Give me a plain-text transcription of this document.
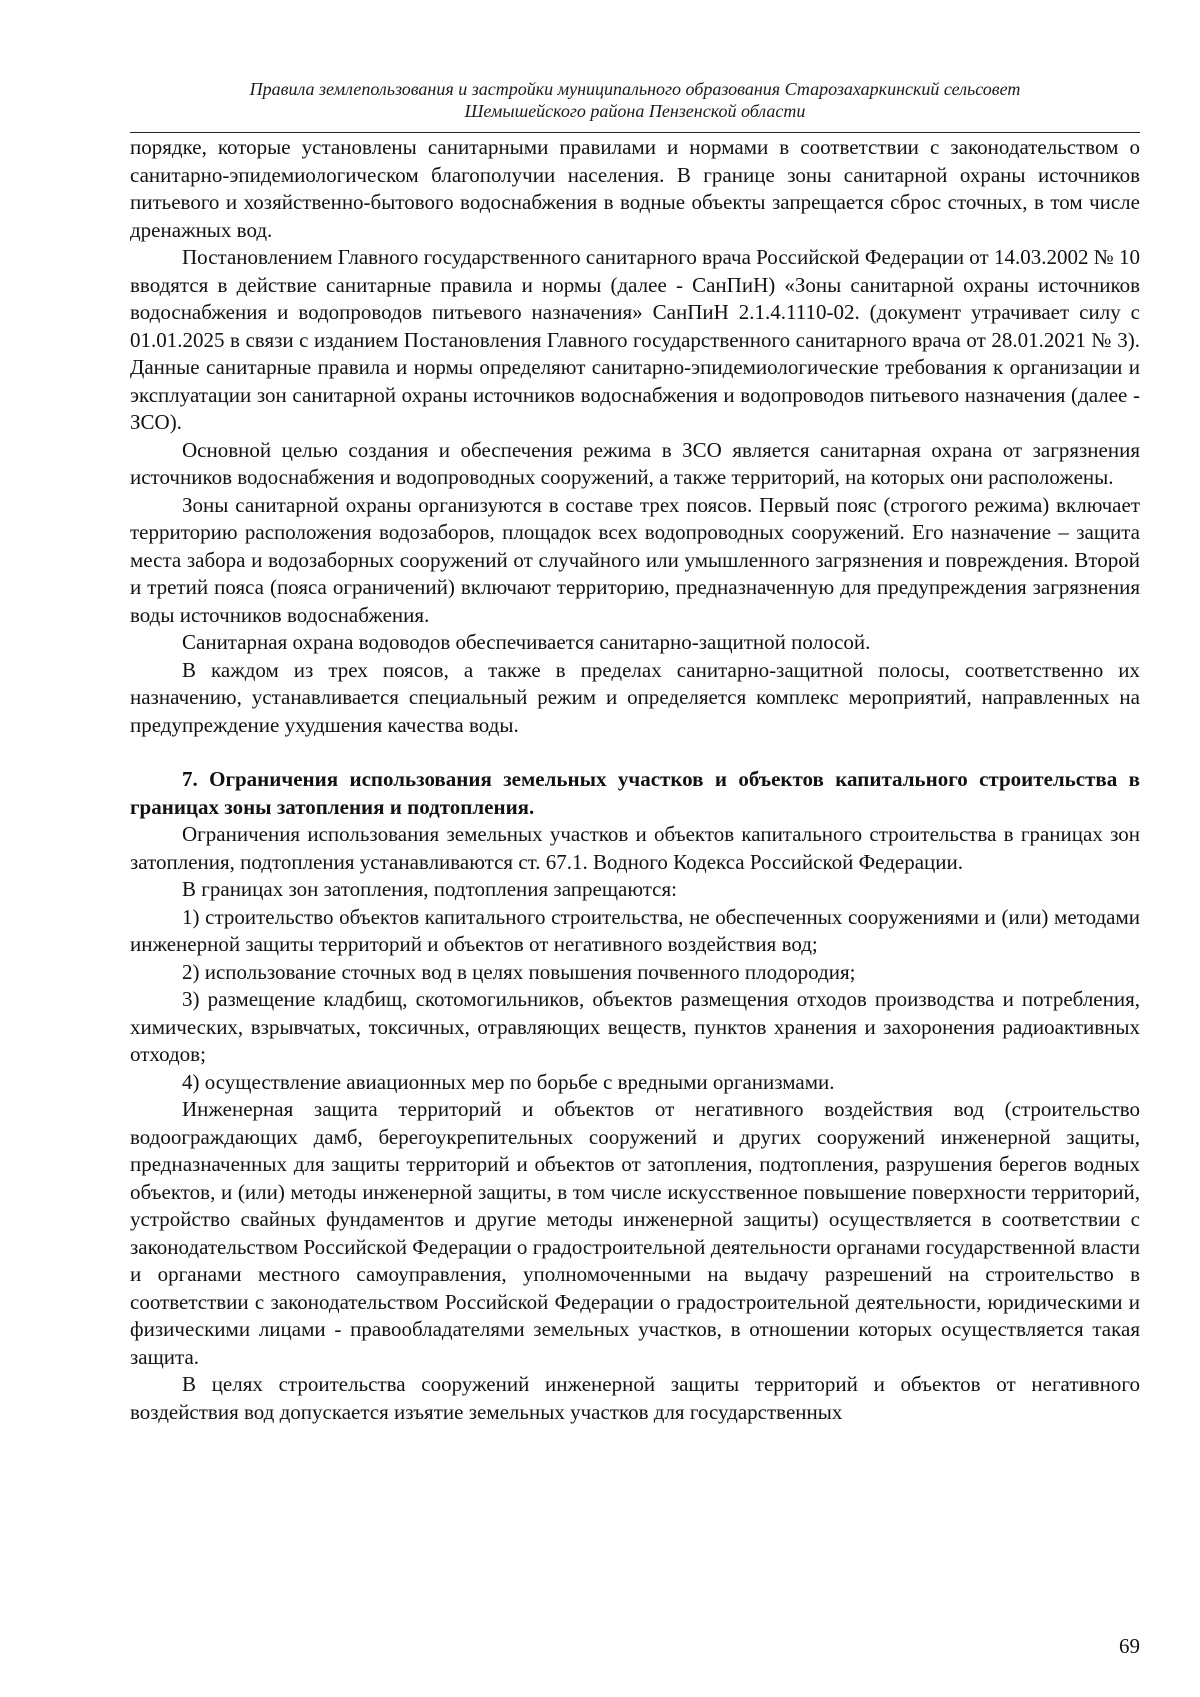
Правила землепользования и застройки муниципального образования Старозахаркинский сельсовет
Шемышейского района Пензенской области

порядке, которые установлены санитарными правилами и нормами в соответствии с законодательством о санитарно-эпидемиологическом благополучии населения. В границе зоны санитарной охраны источников питьевого и хозяйственно-бытового водоснабжения в водные объекты запрещается сброс сточных, в том числе дренажных вод.

Постановлением Главного государственного санитарного врача Российской Федерации от 14.03.2002 № 10 вводятся в действие санитарные правила и нормы (далее - СанПиН) «Зоны санитарной охраны источников водоснабжения и водопроводов питьевого назначения» СанПиН 2.1.4.1110-02. (документ утрачивает силу с 01.01.2025 в связи с изданием Постановления Главного государственного санитарного врача от 28.01.2021 № 3). Данные санитарные правила и нормы определяют санитарно-эпидемиологические требования к организации и эксплуатации зон санитарной охраны источников водоснабжения и водопроводов питьевого назначения (далее - ЗСО).

Основной целью создания и обеспечения режима в ЗСО является санитарная охрана от загрязнения источников водоснабжения и водопроводных сооружений, а также территорий, на которых они расположены.

Зоны санитарной охраны организуются в составе трех поясов. Первый пояс (строгого режима) включает территорию расположения водозаборов, площадок всех водопроводных сооружений. Его назначение – защита места забора и водозаборных сооружений от случайного или умышленного загрязнения и повреждения. Второй и третий пояса (пояса ограничений) включают территорию, предназначенную для предупреждения загрязнения воды источников водоснабжения.

Санитарная охрана водоводов обеспечивается санитарно-защитной полосой.

В каждом из трех поясов, а также в пределах санитарно-защитной полосы, соответственно их назначению, устанавливается специальный режим и определяется комплекс мероприятий, направленных на предупреждение ухудшения качества воды.

7. Ограничения использования земельных участков и объектов капитального строительства в границах зоны затопления и подтопления.

Ограничения использования земельных участков и объектов капитального строительства в границах зон затопления, подтопления устанавливаются ст. 67.1. Водного Кодекса Российской Федерации.

В границах зон затопления, подтопления запрещаются:

1) строительство объектов капитального строительства, не обеспеченных сооружениями и (или) методами инженерной защиты территорий и объектов от негативного воздействия вод;

2) использование сточных вод в целях повышения почвенного плодородия;

3) размещение кладбищ, скотомогильников, объектов размещения отходов производства и потребления, химических, взрывчатых, токсичных, отравляющих веществ, пунктов хранения и захоронения радиоактивных отходов;

4) осуществление авиационных мер по борьбе с вредными организмами.

Инженерная защита территорий и объектов от негативного воздействия вод (строительство водоограждающих дамб, берегоукрепительных сооружений и других сооружений инженерной защиты, предназначенных для защиты территорий и объектов от затопления, подтопления, разрушения берегов водных объектов, и (или) методы инженерной защиты, в том числе искусственное повышение поверхности территорий, устройство свайных фундаментов и другие методы инженерной защиты) осуществляется в соответствии с законодательством Российской Федерации о градостроительной деятельности органами государственной власти и органами местного самоуправления, уполномоченными на выдачу разрешений на строительство в соответствии с законодательством Российской Федерации о градостроительной деятельности, юридическими и физическими лицами - правообладателями земельных участков, в отношении которых осуществляется такая защита.

В целях строительства сооружений инженерной защиты территорий и объектов от негативного воздействия вод допускается изъятие земельных участков для государственных

69
